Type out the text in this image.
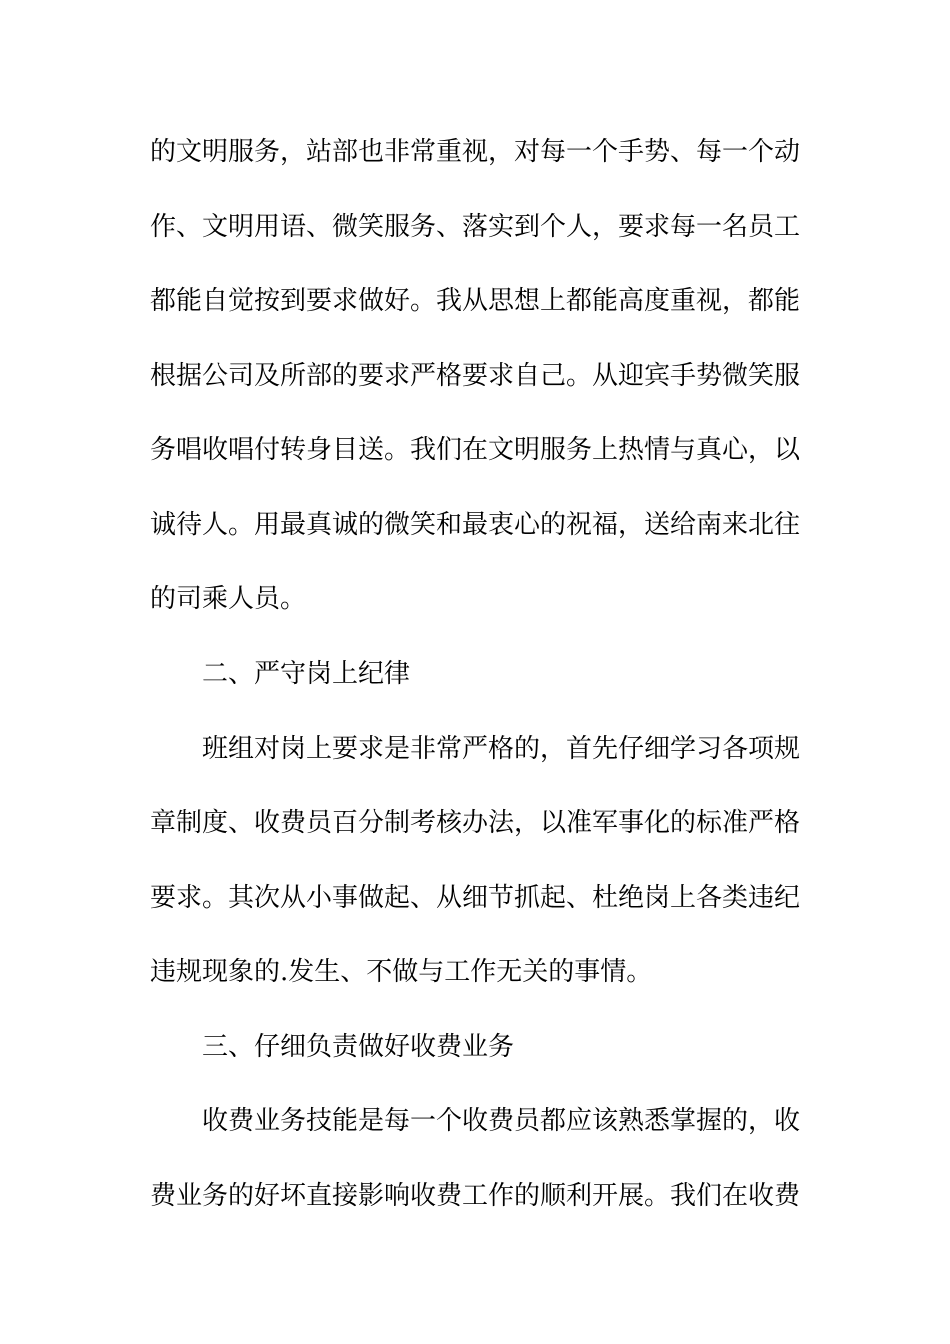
的文明服务，站部也非常重视，对每一个手势、每一个动
作、文明用语、微笑服务、落实到个人，要求每一名员工
都能自觉按到要求做好。我从思想上都能高度重视，都能
根据公司及所部的要求严格要求自己。从迎宾手势微笑服
务唱收唱付转身目送。我们在文明服务上热情与真心，以
诚待人。用最真诚的微笑和最衷心的祝福，送给南来北往
的司乘人员。
二、严守岗上纪律
班组对岗上要求是非常严格的，首先仔细学习各项规
章制度、收费员百分制考核办法，以准军事化的标准严格
要求。其次从小事做起、从细节抓起、杜绝岗上各类违纪
违规现象的.发生、不做与工作无关的事情。
三、仔细负责做好收费业务
收费业务技能是每一个收费员都应该熟悉掌握的，收
费业务的好坏直接影响收费工作的顺利开展。我们在收费
